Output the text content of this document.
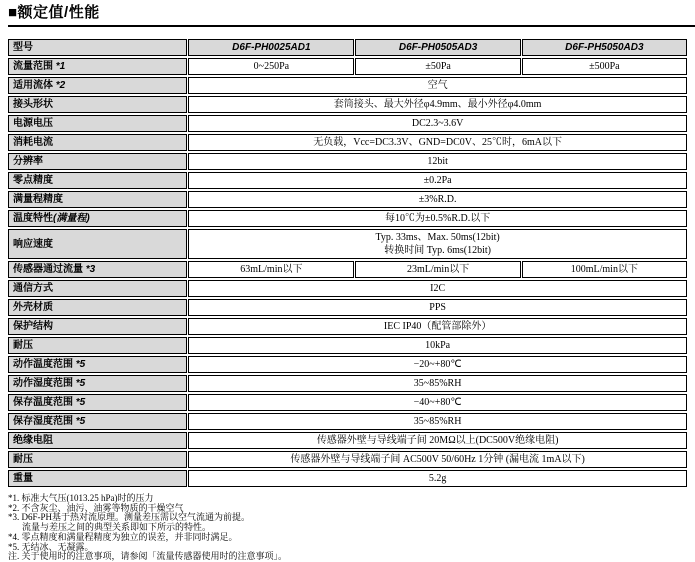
■额定值/性能
型号	D6F-PH0025AD1	D6F-PH0505AD3	D6F-PH5050AD3
流量范围 *1	0~250Pa	±50Pa	±500Pa
适用流体 *2	空气		

接头形状	套筒接头、最大外径φ4.9mm、最小外径φ4.0mm		

电源电压	DC2.3~3.6V		

消耗电流	无负载，Vcc=DC3.3V、GND=DC0V、25℃时，6mA以下		

分辨率	12bit		

零点精度	±0.2Pa		

满量程精度	±3%R.D.		

温度特性(满量程)	每10℃为±0.5%R.D.以下		

响应速度	Typ. 33ms、Max. 50ms(12bit)
转换时间 Typ. 6ms(12bit)		

传感器通过流量 *3	63mL/min以下	23mL/min以下	100mL/min以下
通信方式	I2C		

外壳材质	PPS		

保护结构	IEC IP40（配管部除外）		

耐压	10kPa		

动作温度范围 *5	−20~+80℃		

动作湿度范围 *5	35~85%RH		

保存温度范围 *5	−40~+80℃		

保存湿度范围 *5	35~85%RH		

绝缘电阻	传感器外壁与导线端子间 20MΩ以上(DC500V绝缘电阻)		

耐压	传感器外壁与导线端子间 AC500V 50/60Hz 1分钟 (漏电流 1mA以下)		

重量	5.2g		
*1. 标准大气压(1013.25 hPa)时的压力
*2. 不含灰尘、油污、油雾等物质的干燥空气
*3. D6F-PH基于热对流原理。测量差压需以空气流通为前提。
流量与差压之间的典型关系即如下所示的特性。
*4. 零点精度和满量程精度为独立的误差，并非同时满足。
*5. 无结冰、无凝露。
注. 关于使用时的注意事项，请参阅「流量传感器使用时的注意事项」。
